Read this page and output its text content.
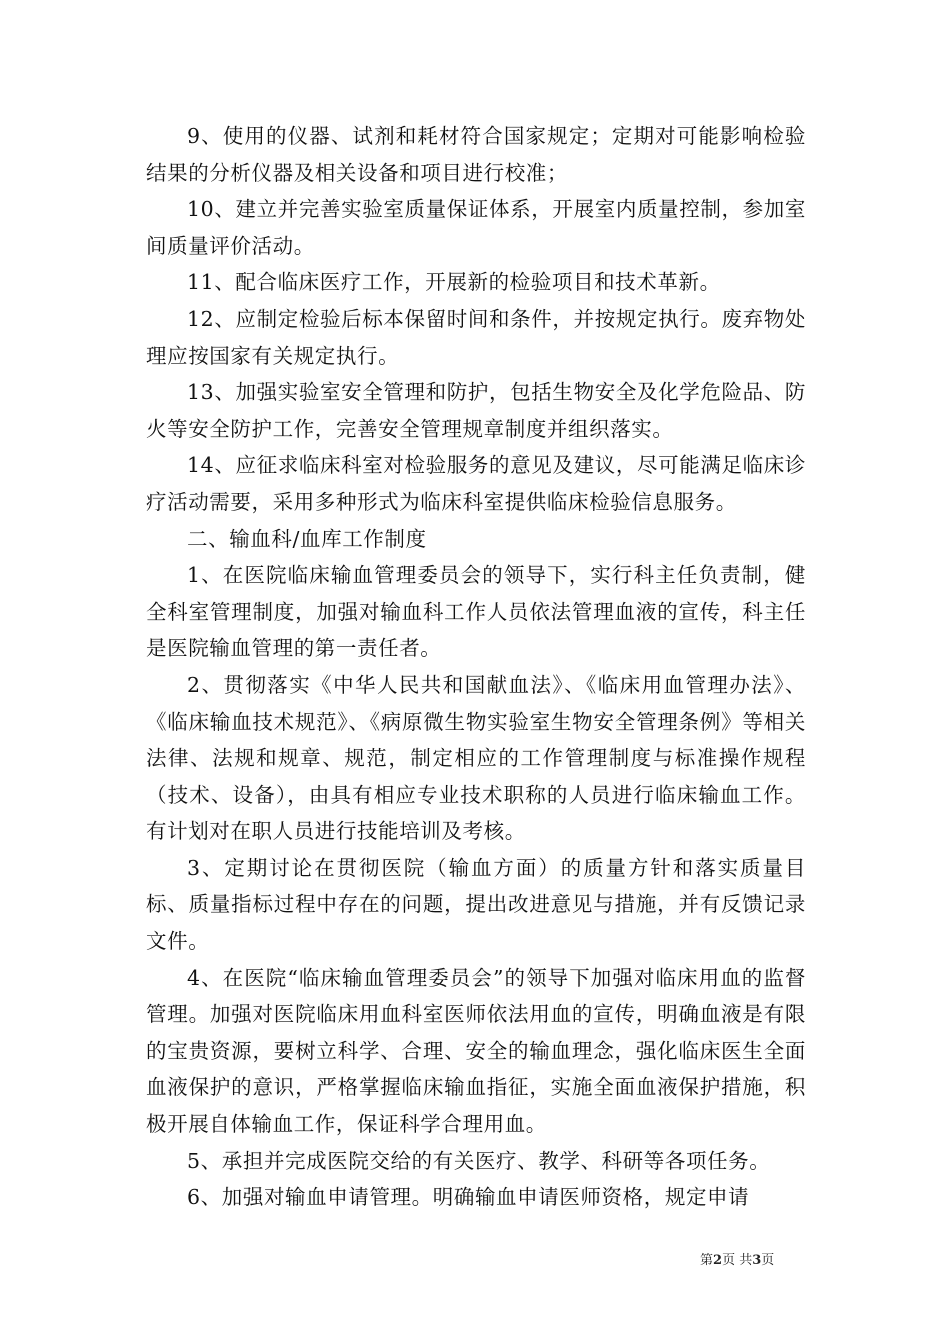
9、使用的仪器、试剂和耗材符合国家规定；定期对可能影响检验结果的分析仪器及相关设备和项目进行校准；

10、建立并完善实验室质量保证体系，开展室内质量控制，参加室间质量评价活动。

11、配合临床医疗工作，开展新的检验项目和技术革新。

12、应制定检验后标本保留时间和条件，并按规定执行。废弃物处理应按国家有关规定执行。

13、加强实验室安全管理和防护，包括生物安全及化学危险品、防火等安全防护工作，完善安全管理规章制度并组织落实。

14、应征求临床科室对检验服务的意见及建议，尽可能满足临床诊疗活动需要，采用多种形式为临床科室提供临床检验信息服务。

二、输血科/血库工作制度

1、在医院临床输血管理委员会的领导下，实行科主任负责制，健全科室管理制度，加强对输血科工作人员依法管理血液的宣传，科主任是医院输血管理的第一责任者。

2、贯彻落实《中华人民共和国献血法》、《临床用血管理办法》、《临床输血技术规范》、《病原微生物实验室生物安全管理条例》等相关法律、法规和规章、规范，制定相应的工作管理制度与标准操作规程（技术、设备），由具有相应专业技术职称的人员进行临床输血工作。有计划对在职人员进行技能培训及考核。

3、定期讨论在贯彻医院（输血方面）的质量方针和落实质量目标、质量指标过程中存在的问题，提出改进意见与措施，并有反馈记录文件。

4、在医院“临床输血管理委员会”的领导下加强对临床用血的监督管理。加强对医院临床用血科室医师依法用血的宣传，明确血液是有限的宝贵资源，要树立科学、合理、安全的输血理念，强化临床医生全面血液保护的意识，严格掌握临床输血指征，实施全面血液保护措施，积极开展自体输血工作，保证科学合理用血。

5、承担并完成医院交给的有关医疗、教学、科研等各项任务。

6、加强对输血申请管理。明确输血申请医师资格，规定申请

第2页 共3页
